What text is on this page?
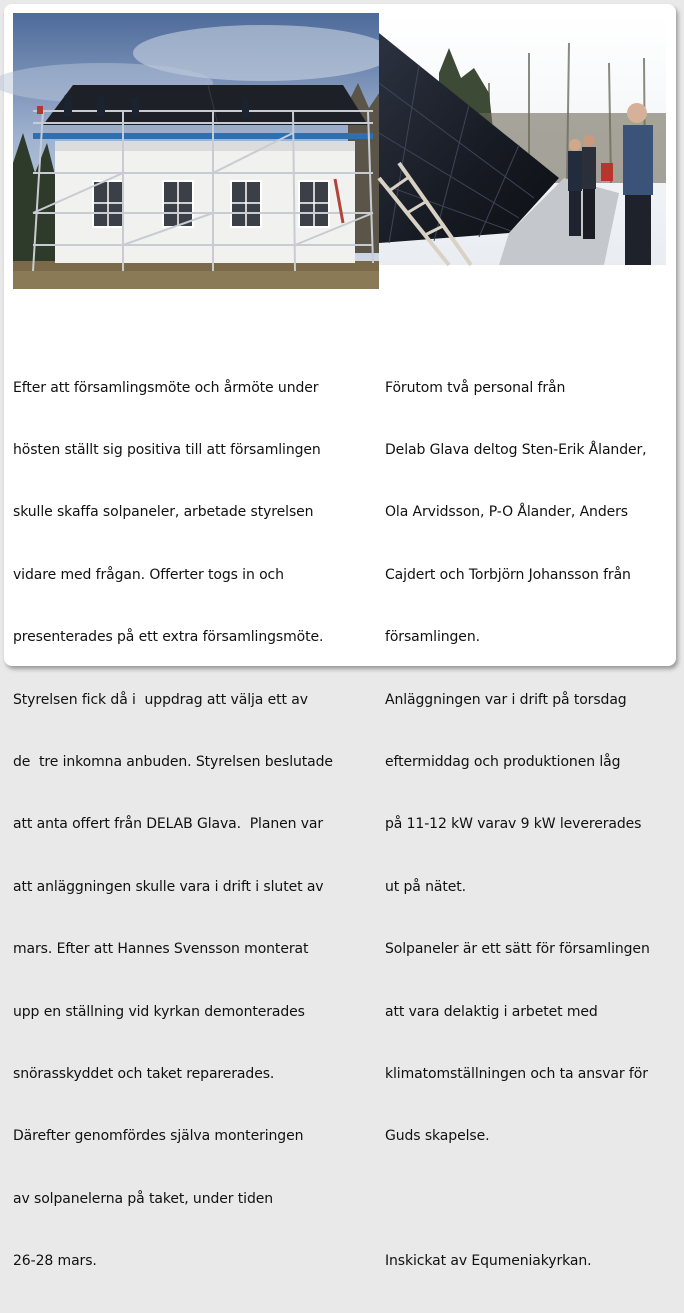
Efter att församlingsmöte och årmöte under

hösten ställt sig positiva till att församlingen

skulle skaffa solpaneler, arbetade styrelsen

vidare med frågan. Offerter togs in och

presenterades på ett extra församlingsmöte.

Styrelsen fick då i  uppdrag att välja ett av

de  tre inkomna anbuden. Styrelsen beslutade

att anta offert från DELAB Glava.  Planen var

att anläggningen skulle vara i drift i slutet av

mars. Efter att Hannes Svensson monterat

upp en ställning vid kyrkan demonterades

snörasskyddet och taket reparerades.

Därefter genomfördes själva monteringen

av solpanelerna på taket, under tiden

26-28 mars.

Förutom två personal från

Delab Glava deltog Sten-Erik Ålander,

Ola Arvidsson, P-O Ålander, Anders

Cajdert och Torbjörn Johansson från

församlingen.

Anläggningen var i drift på torsdag

eftermiddag och produktionen låg

på 11-12 kW varav 9 kW levererades

ut på nätet.

Solpaneler är ett sätt för församlingen

att vara delaktig i arbetet med

klimatomställningen och ta ansvar för

Guds skapelse.

Inskickat av Equmeniakyrkan.
